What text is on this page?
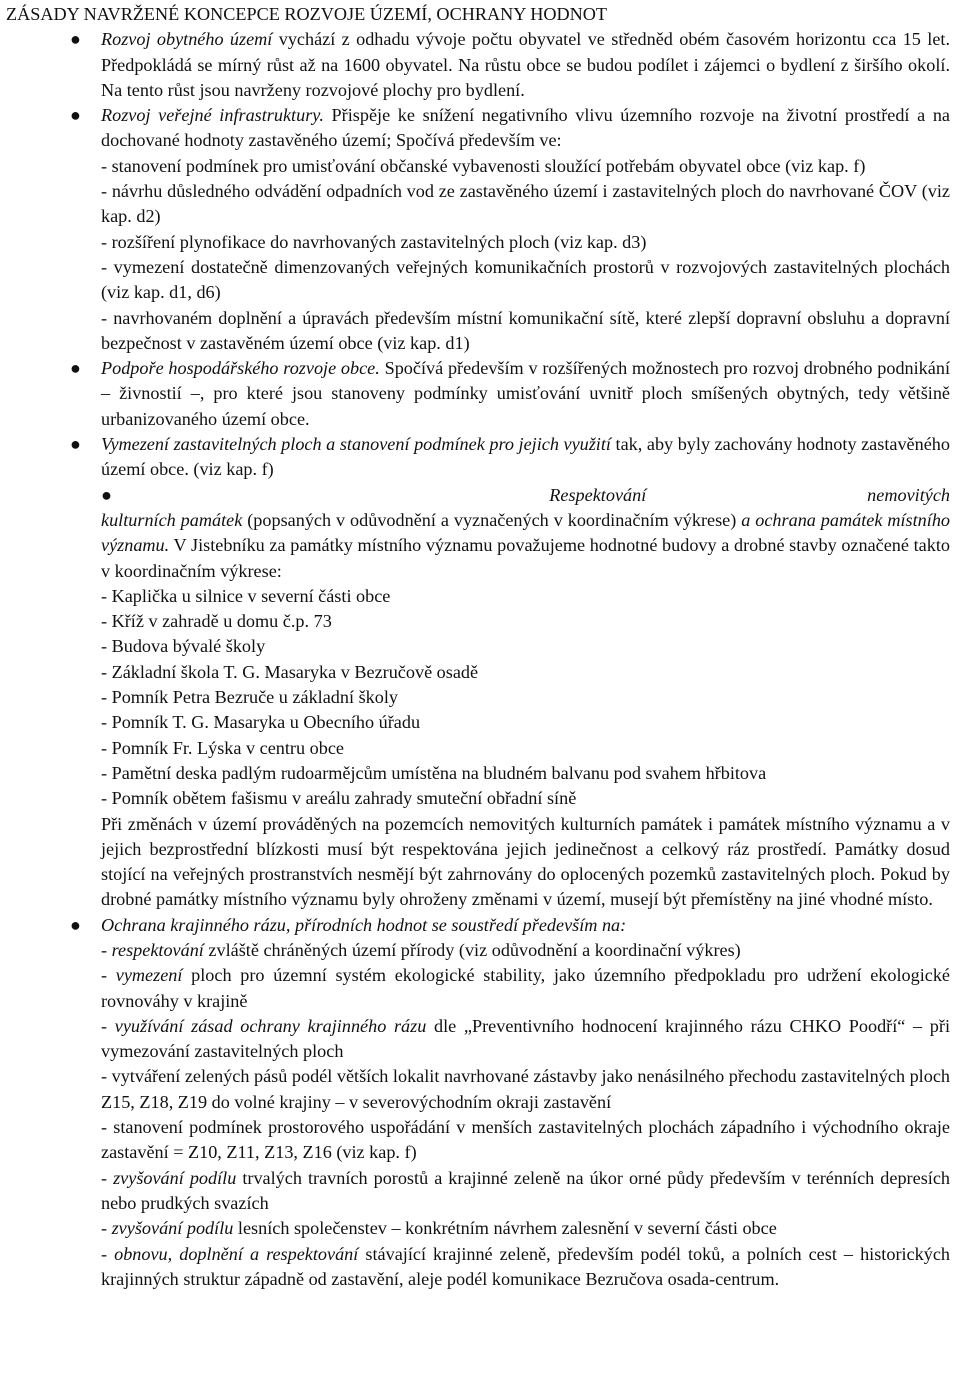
ZÁSADY NAVRŽENÉ KONCEPCE ROZVOJE ÚZEMÍ, OCHRANY HODNOT
● Rozvoj obytného území vychází z odhadu vývoje počtu obyvatel ve středněd obém časovém horizontu cca 15 let. Předpokládá se mírný růst až na 1600 obyvatel. Na růstu obce se budou podílet i zájemci o bydlení z širšího okolí. Na tento růst jsou navrženy rozvojové plochy pro bydlení.

● Rozvoj veřejné infrastruktury. Přispěje ke snížení negativního vlivu územního rozvoje na životní prostředí a na dochované hodnoty zastavěného území; Spočívá především ve:

- stanovení podmínek pro umisťování občanské vybavenosti sloužící potřebám obyvatel obce (viz kap. f)
- návrhu důsledného odvádění odpadních vod ze zastavěného území i zastavitelných ploch do navrhované ČOV (viz kap. d2)
- rozšíření plynofikace do navrhovaných zastavitelných ploch (viz kap. d3)
- vymezení dostatečně dimenzovaných veřejných komunikačních prostorů v rozvojových zastavitelných plochách (viz kap. d1, d6)
- navrhovaném doplnění a úpravách především místní komunikační sítě, které zlepší dopravní obsluhu a dopravní bezpečnost v zastavěném území obce (viz kap. d1)
● Podpoře hospodářského rozvoje obce. Spočívá především v rozšířených možnostech pro rozvoj drobného podnikání – živnostií –, pro které jsou stanoveny podmínky umisťování uvnitř ploch smíšených obytných, tedy většině urbanizovaného území obce.

● Vymezení zastavitelných ploch a stanovení podmínek pro jejich využití tak, aby byly zachovány hodnoty zastavěného území obce. (viz kap. f)

●	Respektování nemovitých

kulturních památek (popsaných v odůvodnění a vyznačených v koordinačním výkrese) a ochrana památek místního významu. V Jistebníku za památky místního významu považujeme hodnotné budovy a drobné stavby označené takto v koordinačním výkrese:

- Kaplička u silnice v severní části obce
- Kříž v zahradě u domu č.p. 73
- Budova bývalé školy
- Základní škola T. G. Masaryka v Bezručově osadě
- Pomník Petra Bezruče u základní školy
- Pomník T. G. Masaryka u Obecního úřadu
- Pomník Fr. Lýska v centru obce
- Pamětní deska padlým rudoarmějcům umístěna na bludném balvanu pod svahem hřbitova
- Pomník obětem fašismu v areálu zahrady smuteční obřadní síně

Při změnách v území prováděných na pozemcích nemovitých kulturních památek i památek místního významu a v jejich bezprostřední blízkosti musí být respektována jejich jedinečnost a celkový ráz prostředí. Památky dosud stojící na veřejných prostranstvích nesmějí být zahrnovány do oplocených pozemků zastavitelných ploch. Pokud by drobné památky místního významu byly ohroženy změnami v území, musejí být přemístěny na jiné vhodné místo.

● Ochrana krajinného rázu, přírodních hodnot se soustředí především na:

- respektování zvláště chráněných území přírody (viz odůvodnění a koordinační výkres)
- vymezení ploch pro územní systém ekologické stability, jako územního předpokladu pro udržení ekologické rovnováhy v krajině
- využívání zásad ochrany krajinného rázu dle „Preventivního hodnocení krajinného rázu CHKO Poodří“ – při vymezování zastavitelných ploch
- vytváření zelených pásů podél větších lokalit navrhované zástavby jako nenásilného přechodu zastavitelných ploch Z15, Z18, Z19 do volné krajiny – v severovýchodním okraji zastavění
- stanovení podmínek prostorového uspořádání v menších zastavitelných plochách západního i východního okraje zastavění = Z10, Z11, Z13, Z16 (viz kap. f)
- zvyšování podílu trvalých travních porostů a krajinné zeleně na úkor orné půdy především v terénních depresích nebo prudkých svazích
- zvyšování podílu lesních společenstev – konkrétním návrhem zalesnění v severní části obce
- obnovu, doplnění a respektování stávající krajinné zeleně, především podél toků, a polních cest – historických krajinných struktur západně od zastavění, aleje podél komunikace Bezručova osada-centrum.
